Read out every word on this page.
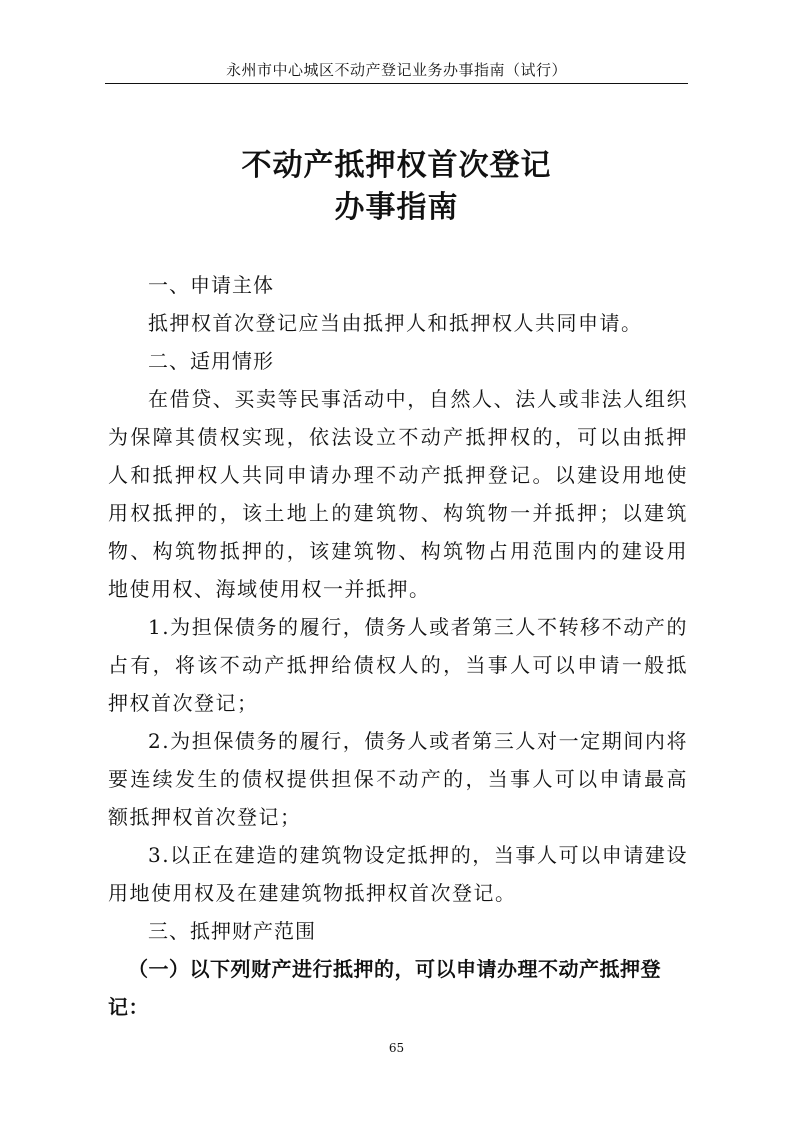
永州市中心城区不动产登记业务办事指南（试行）
不动产抵押权首次登记
办事指南
一、申请主体

抵押权首次登记应当由抵押人和抵押权人共同申请。

二、适用情形

在借贷、买卖等民事活动中，自然人、法人或非法人组织为保障其债权实现，依法设立不动产抵押权的，可以由抵押人和抵押权人共同申请办理不动产抵押登记。以建设用地使用权抵押的，该土地上的建筑物、构筑物一并抵押；以建筑物、构筑物抵押的，该建筑物、构筑物占用范围内的建设用地使用权、海域使用权一并抵押。

1.为担保债务的履行，债务人或者第三人不转移不动产的占有，将该不动产抵押给债权人的，当事人可以申请一般抵押权首次登记；

2.为担保债务的履行，债务人或者第三人对一定期间内将要连续发生的债权提供担保不动产的，当事人可以申请最高额抵押权首次登记；

3.以正在建造的建筑物设定抵押的，当事人可以申请建设用地使用权及在建建筑物抵押权首次登记。

三、抵押财产范围
（一）以下列财产进行抵押的，可以申请办理不动产抵押登记：
65
